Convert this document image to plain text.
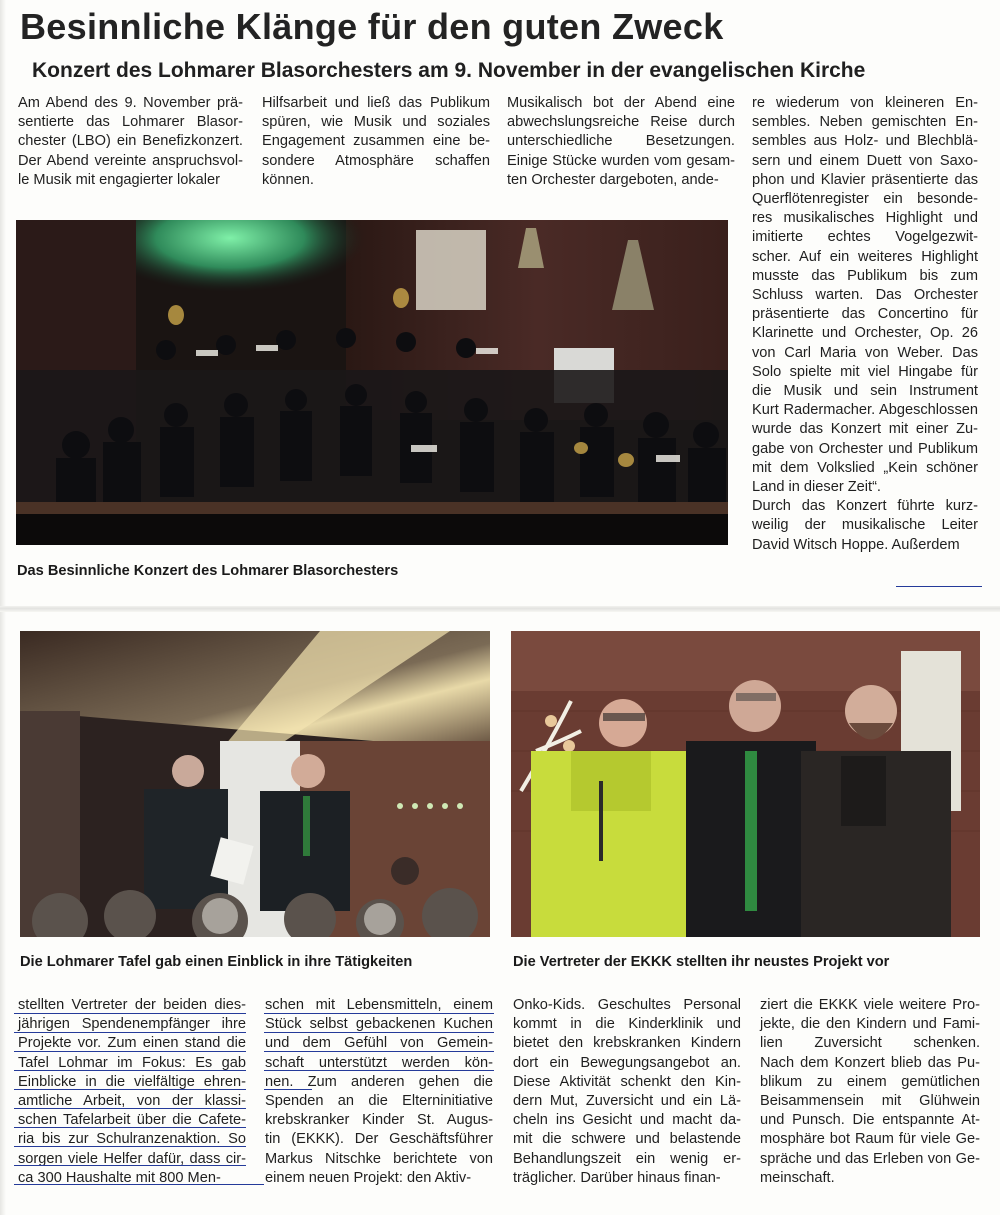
Besinnliche Klänge für den guten Zweck
Konzert des Lohmarer Blasorchesters am 9. November in der evangelischen Kirche
Am Abend des 9. November prä-
sentierte das Lohmarer Blasor-
chester (LBO) ein Benefizkonzert.
Der Abend vereinte anspruchsvol-
le Musik mit engagierter lokaler
Hilfsarbeit und ließ das Publikum
spüren, wie Musik und soziales
Engagement zusammen eine be-
sondere Atmosphäre schaffen
können.
Musikalisch bot der Abend eine
abwechslungsreiche Reise durch
unterschiedliche Besetzungen.
Einige Stücke wurden vom gesam-
ten Orchester dargeboten, ande-
re wiederum von kleineren En-
sembles. Neben gemischten En-
sembles aus Holz- und Blechblä-
sern und einem Duett von Saxo-
phon und Klavier präsentierte das
Querflötenregister ein besonde-
res musikalisches Highlight und
imitierte echtes Vogelgezwit-
scher. Auf ein weiteres Highlight
musste das Publikum bis zum
Schluss warten. Das Orchester
präsentierte das Concertino für
Klarinette und Orchester, Op. 26
von Carl Maria von Weber. Das
Solo spielte mit viel Hingabe für
die Musik und sein Instrument
Kurt Radermacher. Abgeschlossen
wurde das Konzert mit einer Zu-
gabe von Orchester und Publikum
mit dem Volkslied „Kein schöner
Land in dieser Zeit“.
Durch das Konzert führte kurz-
weilig der musikalische Leiter
David Witsch Hoppe. Außerdem
Das Besinnliche Konzert des Lohmarer Blasorchesters
Die Lohmarer Tafel gab einen Einblick in ihre Tätigkeiten	Die Vertreter der EKKK stellten ihr neustes Projekt vor
stellten Vertreter der beiden dies-
jährigen Spendenempfänger ihre
Projekte vor. Zum einen stand die
Tafel Lohmar im Fokus: Es gab
Einblicke in die vielfältige ehren-
amtliche Arbeit, von der klassi-
schen Tafelarbeit über die Cafete-
ria bis zur Schulranzenaktion. So
sorgen viele Helfer dafür, dass cir-
ca 300 Haushalte mit 800 Men-
schen mit Lebensmitteln, einem
Stück selbst gebackenen Kuchen
und dem Gefühl von Gemein-
schaft unterstützt werden kön-
nen. Zum anderen gehen die
Spenden an die Elterninitiative
krebskranker Kinder St. Augus-
tin (EKKK). Der Geschäftsführer
Markus Nitschke berichtete von
einem neuen Projekt: den Aktiv-
Onko-Kids. Geschultes Personal
kommt in die Kinderklinik und
bietet den krebskranken Kindern
dort ein Bewegungsangebot an.
Diese Aktivität schenkt den Kin-
dern Mut, Zuversicht und ein Lä-
cheln ins Gesicht und macht da-
mit die schwere und belastende
Behandlungszeit ein wenig er-
träglicher. Darüber hinaus finan-
ziert die EKKK viele weitere Pro-
jekte, die den Kindern und Fami-
lien Zuversicht schenken.
Nach dem Konzert blieb das Pu-
blikum zu einem gemütlichen
Beisammensein mit Glühwein
und Punsch. Die entspannte At-
mosphäre bot Raum für viele Ge-
spräche und das Erleben von Ge-
meinschaft.
